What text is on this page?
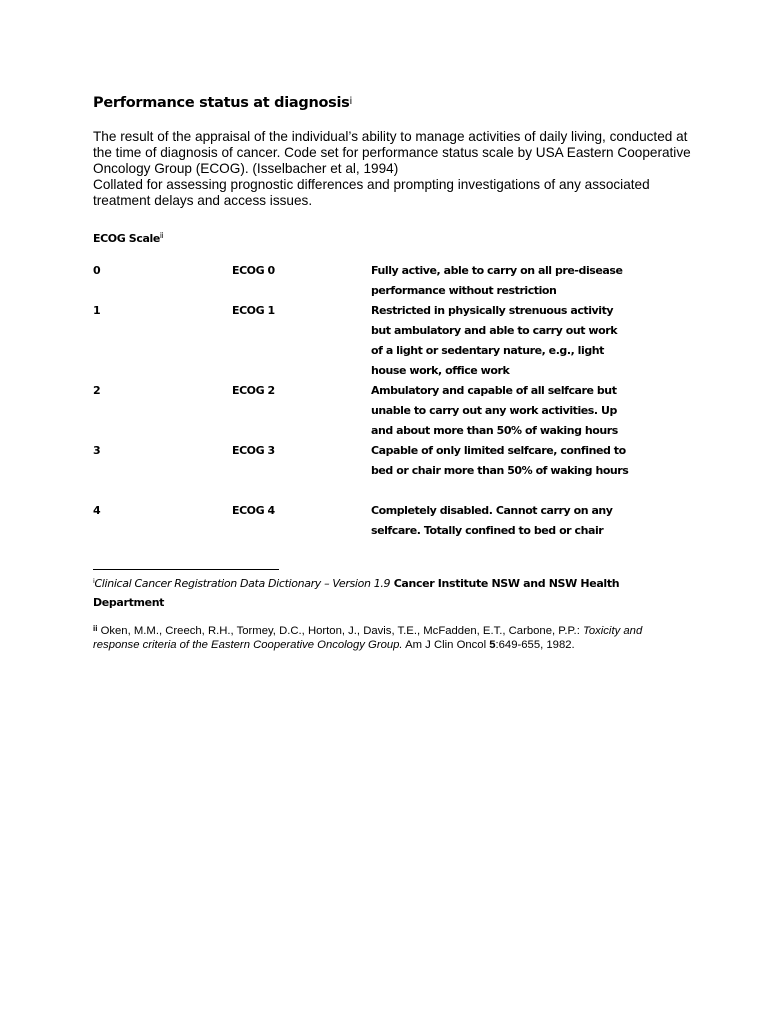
Performance status at diagnosis$^i$

The result of the appraisal of the individual’s ability to manage activities of daily living, conducted at the time of diagnosis of cancer. Code set for performance status scale by USA Eastern Cooperative Oncology Group (ECOG). (Isselbacher et al, 1994)

Collated for assessing prognostic differences and prompting investigations of any associated treatment delays and access issues.

ECOG Scale$^{ii}$
0	ECOG 0	Fully active, able to carry on all pre-disease performance without restriction
1	ECOG 1	Restricted in physically strenuous activity but ambulatory and able to carry out work of a light or sedentary nature, e.g., light house work, office work
2	ECOG 2	Ambulatory and capable of all selfcare but unable to carry out any work activities. Up and about more than 50% of waking hours
3	ECOG 3	Capable of only limited selfcare, confined to bed or chair more than 50% of waking hours
4	ECOG 4	Completely disabled. Cannot carry on any selfcare. Totally confined to bed or chair
$^i$Clinical Cancer Registration Data Dictionary – Version 1.9 Cancer Institute NSW and NSW Health Department
$^{ii}$ Oken, M.M., Creech, R.H., Tormey, D.C., Horton, J., Davis, T.E., McFadden, E.T., Carbone, P.P.: Toxicity and response criteria of the Eastern Cooperative Oncology Group. Am J Clin Oncol 5:649-655, 1982.
